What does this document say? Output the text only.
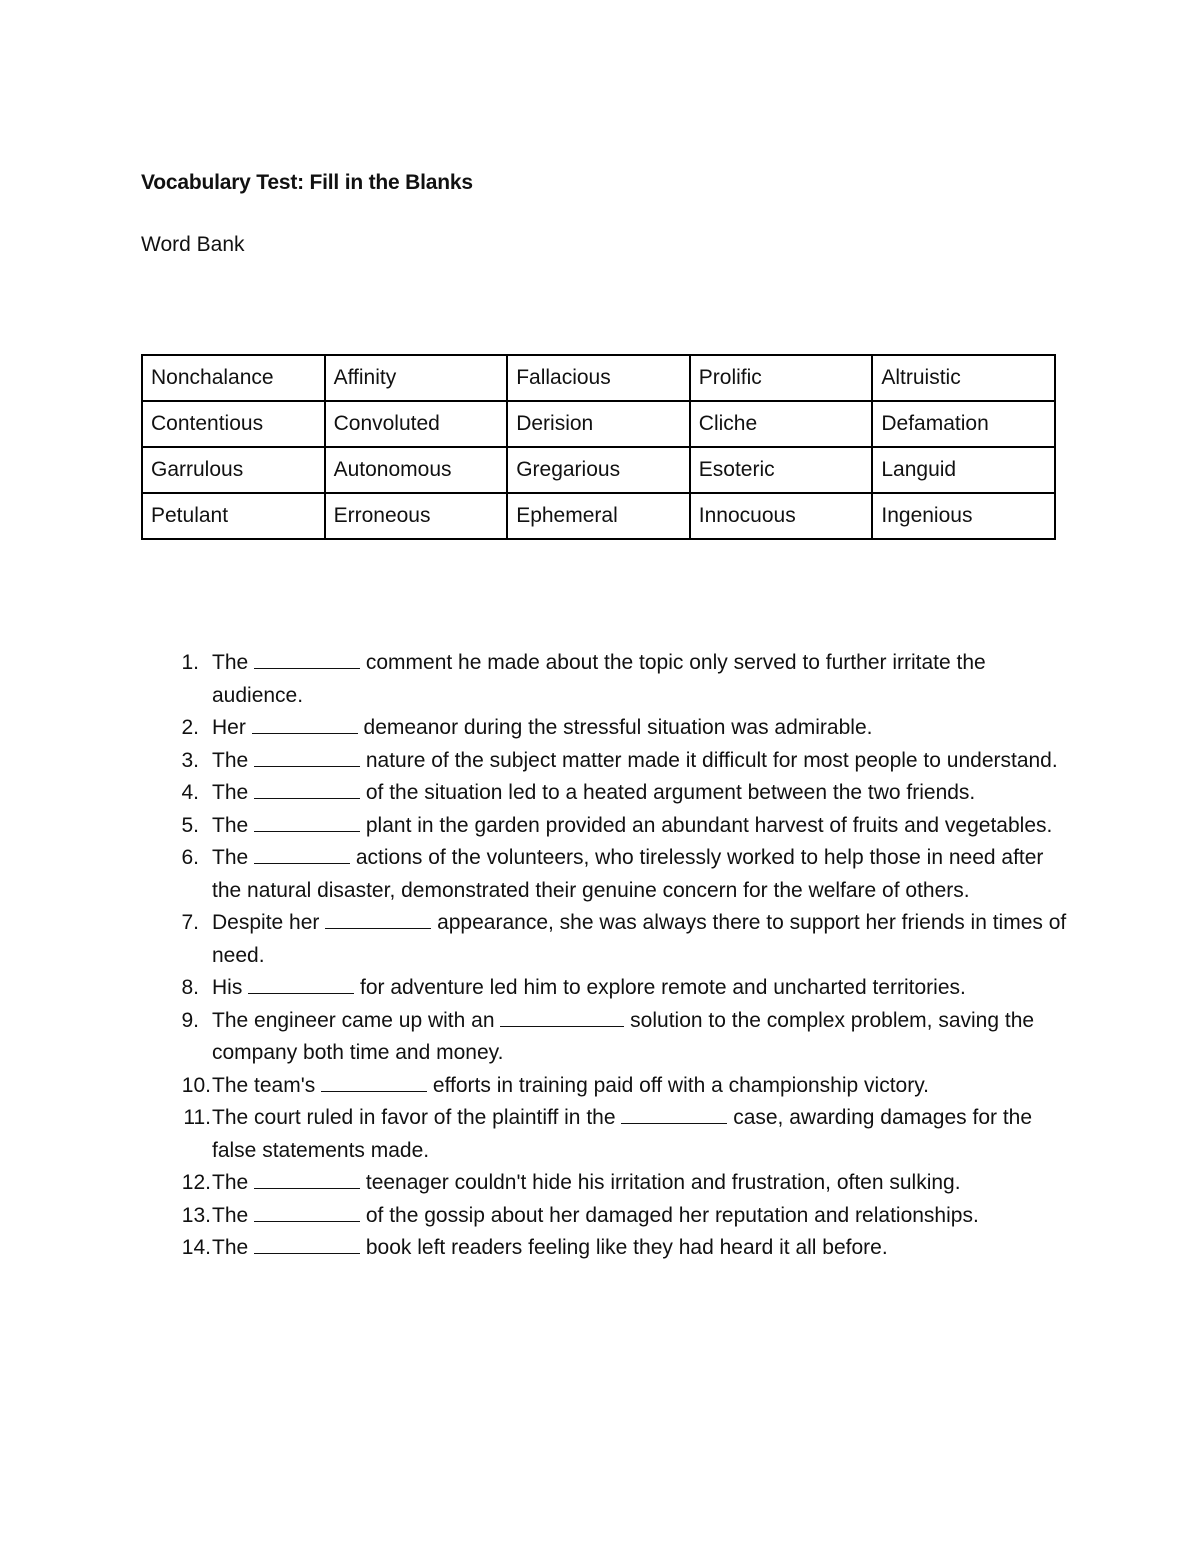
Vocabulary Test: Fill in the Blanks

Word Bank

Nonchalance	Affinity	Fallacious	Prolific	Altruistic
Contentious	Convoluted	Derision	Cliche	Defamation
Garrulous	Autonomous	Gregarious	Esoteric	Languid
Petulant	Erroneous	Ephemeral	Innocuous	Ingenious
1. The	comment he made about the topic only served to further irritate the audience.
2. Her	demeanor during the stressful situation was admirable.
3. The	nature of the subject matter made it difficult for most people to understand.
4. The	of the situation led to a heated argument between the two friends.
5. The	plant in the garden provided an abundant harvest of fruits and vegetables.
6. The	actions of the volunteers, who tirelessly worked to help those in need after the natural disaster, demonstrated their genuine concern for the welfare of others.
7. Despite her	appearance, she was always there to support her friends in times of need.
8. His	for adventure led him to explore remote and uncharted territories.
9. The engineer came up with an	solution to the complex problem, saving the company both time and money.
10. The team's	efforts in training paid off with a championship victory.
11. The court ruled in favor of the plaintiff in the	case, awarding damages for the false statements made.
12. The	teenager couldn't hide his irritation and frustration, often sulking.
13. The	of the gossip about her damaged her reputation and relationships.
14. The	book left readers feeling like they had heard it all before.
